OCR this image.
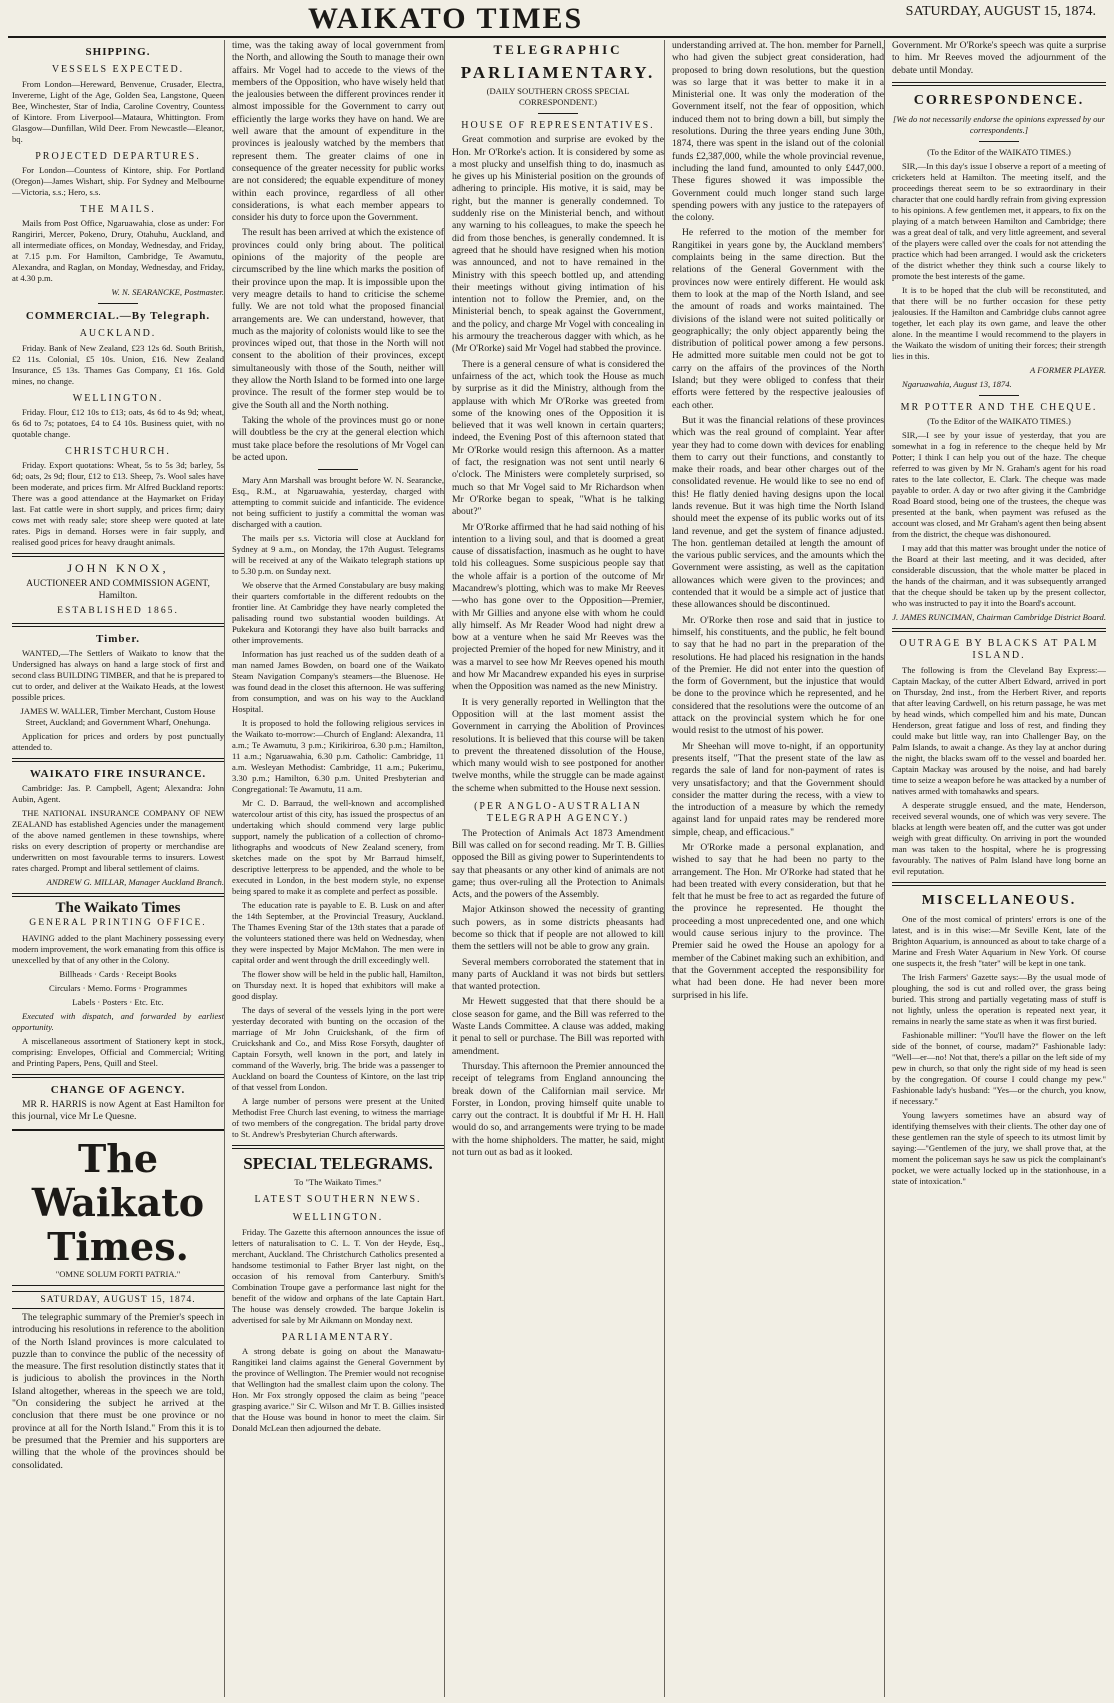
WAIKATO TIMES	SATURDAY, AUGUST 15, 1874.
SHIPPING.
VESSELS EXPECTED.

From London—Hereward, Benvenue, Crusader, Electra, Invererne, Light of the Age, Golden Sea, Langstone, Queen Bee, Winchester, Star of India, Caroline Coventry, Countess of Kintore. From Liverpool—Mataura, Whittington. From Glasgow—Dunfillan, Wild Deer. From Newcastle—Eleanor, bq.

PROJECTED DEPARTURES.

For London—Countess of Kintore, ship. For Portland (Oregon)—James Wishart, ship. For Sydney and Melbourne—Victoria, s.s.; Hero, s.s.

THE MAILS.

Mails from Post Office, Ngaruawahia, close as under: For Rangiriri, Mercer, Pokeno, Drury, Otahuhu, Auckland, and all intermediate offices, on Monday, Wednesday, and Friday, at 7.15 p.m. For Hamilton, Cambridge, Te Awamutu, Alexandra, and Raglan, on Monday, Wednesday, and Friday, at 4.30 p.m.

W. N. SEARANCKE, Postmaster.

COMMERCIAL.—By Telegraph.
AUCKLAND.

Friday. Bank of New Zealand, £23 12s 6d. South British, £2 11s. Colonial, £5 10s. Union, £16. New Zealand Insurance, £5 13s. Thames Gas Company, £1 16s. Gold mines, no change.

WELLINGTON.

Friday. Flour, £12 10s to £13; oats, 4s 6d to 4s 9d; wheat, 6s 6d to 7s; potatoes, £4 to £4 10s. Business quiet, with no quotable change.

CHRISTCHURCH.

Friday. Export quotations: Wheat, 5s to 5s 3d; barley, 5s 6d; oats, 2s 9d; flour, £12 to £13. Sheep, 7s. Wool sales have been moderate, and prices firm. Mr Alfred Buckland reports: There was a good attendance at the Haymarket on Friday last. Fat cattle were in short supply, and prices firm; dairy cows met with ready sale; store sheep were quoted at late rates. Pigs in demand. Horses were in fair supply, and realised good prices for heavy draught animals.

JOHN KNOX,

AUCTIONEER AND COMMISSION AGENT, Hamilton.

ESTABLISHED 1865.

Timber.

WANTED,—The Settlers of Waikato to know that the Undersigned has always on hand a large stock of first and second class BUILDING TIMBER, and that he is prepared to cut to order, and deliver at the Waikato Heads, at the lowest possible prices.

JAMES W. WALLER, Timber Merchant, Custom House Street, Auckland; and Government Wharf, Onehunga.

Application for prices and orders by post punctually attended to.

WAIKATO FIRE INSURANCE.

Cambridge: Jas. P. Campbell, Agent; Alexandra: John Aubin, Agent.

THE NATIONAL INSURANCE COMPANY OF NEW ZEALAND has established Agencies under the management of the above named gentlemen in these townships, where risks on every description of property or merchandise are underwritten on most favourable terms to insurers. Lowest rates charged. Prompt and liberal settlement of claims.

ANDREW G. MILLAR, Manager Auckland Branch.

The Waikato Times

GENERAL PRINTING OFFICE.

HAVING added to the plant Machinery possessing every modern improvement, the work emanating from this office is unexcelled by that of any other in the Colony.

Billheads · Cards · Receipt Books

Circulars · Memo. Forms · Programmes

Labels · Posters · Etc. Etc.

Executed with dispatch, and forwarded by earliest opportunity.

A miscellaneous assortment of Stationery kept in stock, comprising: Envelopes, Official and Commercial; Writing and Printing Papers, Pens, Quill and Steel.

CHANGE OF AGENCY.

MR R. HARRIS is now Agent at East Hamilton for this journal, vice Mr Le Quesne.

The Waikato Times.

"OMNE SOLUM FORTI PATRIA."

SATURDAY, AUGUST 15, 1874.

The telegraphic summary of the Premier's speech in introducing his resolutions in reference to the abolition of the North Island provinces is more calculated to puzzle than to convince the public of the necessity of the measure. The first resolution distinctly states that it is judicious to abolish the provinces in the North Island altogether, whereas in the speech we are told, "On considering the subject he arrived at the conclusion that there must be one province or no province at all for the North Island." From this it is to be presumed that the Premier and his supporters are willing that the whole of the provinces should be consolidated.

time, was the taking away of local government from the North, and allowing the South to manage their own affairs. Mr Vogel had to accede to the views of the members of the Opposition, who have wisely held that the jealousies between the different provinces render it almost impossible for the Government to carry out efficiently the large works they have on hand. We are well aware that the amount of expenditure in the provinces is jealously watched by the members that represent them. The greater claims of one in consequence of the greater necessity for public works are not considered; the equable expenditure of money within each province, regardless of all other considerations, is what each member appears to consider his duty to force upon the Government.

The result has been arrived at which the existence of provinces could only bring about. The political opinions of the majority of the people are circumscribed by the line which marks the position of their province upon the map. It is impossible upon the very meagre details to hand to criticise the scheme fully. We are not told what the proposed financial arrangements are. We can understand, however, that much as the majority of colonists would like to see the provinces wiped out, that those in the North will not consent to the abolition of their provinces, except simultaneously with those of the South, neither will they allow the North Island to be formed into one large province. The result of the former step would be to give the South all and the North nothing.

Taking the whole of the provinces must go or none will doubtless be the cry at the general election which must take place before the resolutions of Mr Vogel can be acted upon.

Mary Ann Marshall was brought before W. N. Searancke, Esq., R.M., at Ngaruawahia, yesterday, charged with attempting to commit suicide and infanticide. The evidence not being sufficient to justify a committal the woman was discharged with a caution.

The mails per s.s. Victoria will close at Auckland for Sydney at 9 a.m., on Monday, the 17th August. Telegrams will be received at any of the Waikato telegraph stations up to 5.30 p.m. on Sunday next.

We observe that the Armed Constabulary are busy making their quarters comfortable in the different redoubts on the frontier line. At Cambridge they have nearly completed the palisading round two substantial wooden buildings. At Pukekura and Kotorangi they have also built barracks and other improvements.

Information has just reached us of the sudden death of a man named James Bowden, on board one of the Waikato Steam Navigation Company's steamers—the Bluenose. He was found dead in the closet this afternoon. He was suffering from consumption, and was on his way to the Auckland Hospital.

It is proposed to hold the following religious services in the Waikato to-morrow:—Church of England: Alexandra, 11 a.m.; Te Awamutu, 3 p.m.; Kirikiriroa, 6.30 p.m.; Hamilton, 11 a.m.; Ngaruawahia, 6.30 p.m. Catholic: Cambridge, 11 a.m. Wesleyan Methodist: Cambridge, 11 a.m.; Pukerimu, 3.30 p.m.; Hamilton, 6.30 p.m. United Presbyterian and Congregational: Te Awamutu, 11 a.m.

Mr C. D. Barraud, the well-known and accomplished watercolour artist of this city, has issued the prospectus of an undertaking which should commend very large public support, namely the publication of a collection of chromo-lithographs and woodcuts of New Zealand scenery, from sketches made on the spot by Mr Barraud himself, descriptive letterpress to be appended, and the whole to be executed in London, in the best modern style, no expense being spared to make it as complete and perfect as possible.

The education rate is payable to E. B. Lusk on and after the 14th September, at the Provincial Treasury, Auckland. The Thames Evening Star of the 13th states that a parade of the volunteers stationed there was held on Wednesday, when they were inspected by Major McMahon. The men were in capital order and went through the drill exceedingly well.

The flower show will be held in the public hall, Hamilton, on Thursday next. It is hoped that exhibitors will make a good display.

The days of several of the vessels lying in the port were yesterday decorated with bunting on the occasion of the marriage of Mr John Cruickshank, of the firm of Cruickshank and Co., and Miss Rose Forsyth, daughter of Captain Forsyth, well known in the port, and lately in command of the Waverly, brig. The bride was a passenger to Auckland on board the Countess of Kintore, on the last trip of that vessel from London.

A large number of persons were present at the United Methodist Free Church last evening, to witness the marriage of two members of the congregation. The bridal party drove to St. Andrew's Presbyterian Church afterwards.

SPECIAL TELEGRAMS.

To "The Waikato Times."

LATEST SOUTHERN NEWS.
WELLINGTON.

Friday. The Gazette this afternoon announces the issue of letters of naturalisation to C. L. T. Von der Heyde, Esq., merchant, Auckland. The Christchurch Catholics presented a handsome testimonial to Father Bryer last night, on the occasion of his removal from Canterbury. Smith's Combination Troupe gave a performance last night for the benefit of the widow and orphans of the late Captain Hart. The house was densely crowded. The barque Jokelin is advertised for sale by Mr Aikmann on Monday next.

PARLIAMENTARY.

A strong debate is going on about the Manawatu-Rangitikei land claims against the General Government by the province of Wellington. The Premier would not recognise that Wellington had the smallest claim upon the colony. The Hon. Mr Fox strongly opposed the claim as being "peace grasping avarice." Sir C. Wilson and Mr T. B. Gillies insisted that the House was bound in honor to meet the claim. Sir Donald McLean then adjourned the debate.

TELEGRAPHIC

PARLIAMENTARY.

(DAILY SOUTHERN CROSS SPECIAL CORRESPONDENT.)

HOUSE OF REPRESENTATIVES.

Great commotion and surprise are evoked by the Hon. Mr O'Rorke's action. It is considered by some as a most plucky and unselfish thing to do, inasmuch as he gives up his Ministerial position on the grounds of adhering to principle. His motive, it is said, may be right, but the manner is generally condemned. To suddenly rise on the Ministerial bench, and without any warning to his colleagues, to make the speech he did from those benches, is generally condemned. It is agreed that he should have resigned when his motion was announced, and not to have remained in the Ministry with this speech bottled up, and attending their meetings without giving intimation of his intention not to follow the Premier, and, on the Ministerial bench, to speak against the Government, and the policy, and charge Mr Vogel with concealing in his armoury the treacherous dagger with which, as he (Mr O'Rorke) said Mr Vogel had stabbed the province.

There is a general censure of what is considered the unfairness of the act, which took the House as much by surprise as it did the Ministry, although from the applause with which Mr O'Rorke was greeted from some of the knowing ones of the Opposition it is believed that it was well known in certain quarters; indeed, the Evening Post of this afternoon stated that Mr O'Rorke would resign this afternoon. As a matter of fact, the resignation was not sent until nearly 6 o'clock. The Ministers were completely surprised, so much so that Mr Vogel said to Mr Richardson when Mr O'Rorke began to speak, "What is he talking about?"

Mr O'Rorke affirmed that he had said nothing of his intention to a living soul, and that is doomed a great cause of dissatisfaction, inasmuch as he ought to have told his colleagues. Some suspicious people say that the whole affair is a portion of the outcome of Mr Macandrew's plotting, which was to make Mr Reeves—who has gone over to the Opposition—Premier, with Mr Gillies and anyone else with whom he could ally himself. As Mr Reader Wood had night drew a bow at a venture when he said Mr Reeves was the projected Premier of the hoped for new Ministry, and it was a marvel to see how Mr Reeves opened his mouth and how Mr Macandrew expanded his eyes in surprise when the Opposition was named as the new Ministry.

It is very generally reported in Wellington that the Opposition will at the last moment assist the Government in carrying the Abolition of Provinces resolutions. It is believed that this course will be taken to prevent the threatened dissolution of the House, which many would wish to see postponed for another twelve months, while the struggle can be made against the scheme when submitted to the House next session.

(PER ANGLO-AUSTRALIAN TELEGRAPH AGENCY.)

The Protection of Animals Act 1873 Amendment Bill was called on for second reading. Mr T. B. Gillies opposed the Bill as giving power to Superintendents to say that pheasants or any other kind of animals are not game; thus over-ruling all the Protection to Animals Acts, and the powers of the Assembly.

Major Atkinson showed the necessity of granting such powers, as in some districts pheasants had become so thick that if people are not allowed to kill them the settlers will not be able to grow any grain.

Several members corroborated the statement that in many parts of Auckland it was not birds but settlers that wanted protection.

Mr Hewett suggested that that there should be a close season for game, and the Bill was referred to the Waste Lands Committee. A clause was added, making it penal to sell or purchase. The Bill was reported with amendment.

Thursday. This afternoon the Premier announced the receipt of telegrams from England announcing the break down of the Californian mail service. Mr Forster, in London, proving himself quite unable to carry out the contract. It is doubtful if Mr H. H. Hall would do so, and arrangements were trying to be made with the home shipholders. The matter, he said, might not turn out as bad as it looked.

understanding arrived at. The hon. member for Parnell, who had given the subject great consideration, had proposed to bring down resolutions, but the question was so large that it was better to make it in a Ministerial one. It was only the moderation of the Government itself, not the fear of opposition, which induced them not to bring down a bill, but simply the resolutions. During the three years ending June 30th, 1874, there was spent in the island out of the colonial funds £2,387,000, while the whole provincial revenue, including the land fund, amounted to only £447,000. These figures showed it was impossible the Government could much longer stand such large spending powers with any justice to the ratepayers of the colony.

He referred to the motion of the member for Rangitikei in years gone by, the Auckland members' complaints being in the same direction. But the relations of the General Government with the provinces now were entirely different. He would ask them to look at the map of the North Island, and see the amount of roads and works maintained. The divisions of the island were not suited politically or geographically; the only object apparently being the distribution of political power among a few persons. He admitted more suitable men could not be got to carry on the affairs of the provinces of the North Island; but they were obliged to confess that their efforts were fettered by the respective jealousies of each other.

But it was the financial relations of these provinces which was the real ground of complaint. Year after year they had to come down with devices for enabling them to carry out their functions, and constantly to make their roads, and bear other charges out of the consolidated revenue. He would like to see no end of this! He flatly denied having designs upon the local lands revenue. But it was high time the North Island should meet the expense of its public works out of its land revenue, and get the system of finance adjusted. The hon. gentleman detailed at length the amount of the various public services, and the amounts which the Government were assisting, as well as the capitation allowances which were given to the provinces; and contended that it would be a simple act of justice that these allowances should be discontinued.

Mr. O'Rorke then rose and said that in justice to himself, his constituents, and the public, he felt bound to say that he had no part in the preparation of the resolutions. He had placed his resignation in the hands of the Premier. He did not enter into the question of the form of Government, but the injustice that would be done to the province which he represented, and he considered that the resolutions were the outcome of an attack on the provincial system which he for one would resist to the utmost of his power.

Mr Sheehan will move to-night, if an opportunity presents itself, "That the present state of the law as regards the sale of land for non-payment of rates is very unsatisfactory; and that the Government should consider the matter during the recess, with a view to the introduction of a measure by which the remedy against land for unpaid rates may be rendered more simple, cheap, and efficacious."

Mr O'Rorke made a personal explanation, and wished to say that he had been no party to the arrangement. The Hon. Mr O'Rorke had stated that he had been treated with every consideration, but that he felt that he must be free to act as regarded the future of the province he represented. He thought the proceeding a most unprecedented one, and one which would cause serious injury to the province. The Premier said he owed the House an apology for a member of the Cabinet making such an exhibition, and that the Government accepted the responsibility for what had been done. He had never been more surprised in his life.

Government. Mr O'Rorke's speech was quite a surprise to him. Mr Reeves moved the adjournment of the debate until Monday.

CORRESPONDENCE.

[We do not necessarily endorse the opinions expressed by our correspondents.]

(To the Editor of the WAIKATO TIMES.)

SIR,—In this day's issue I observe a report of a meeting of cricketers held at Hamilton. The meeting itself, and the proceedings thereat seem to be so extraordinary in their character that one could hardly refrain from giving expression to his opinions. A few gentlemen met, it appears, to fix on the playing of a match between Hamilton and Cambridge; there was a great deal of talk, and very little agreement, and several of the players were called over the coals for not attending the practice which had been arranged. I would ask the cricketers of the district whether they think such a course likely to promote the best interests of the game.

It is to be hoped that the club will be reconstituted, and that there will be no further occasion for these petty jealousies. If the Hamilton and Cambridge clubs cannot agree together, let each play its own game, and leave the other alone. In the meantime I would recommend to the players in the Waikato the wisdom of uniting their forces; their strength lies in this.

A FORMER PLAYER.

Ngaruawahia, August 13, 1874.

MR POTTER AND THE CHEQUE.

(To the Editor of the WAIKATO TIMES.)

SIR,—I see by your issue of yesterday, that you are somewhat in a fog in reference to the cheque held by Mr Potter; I think I can help you out of the haze. The cheque referred to was given by Mr N. Graham's agent for his road rates to the late collector, E. Clark. The cheque was made payable to order. A day or two after giving it the Cambridge Road Board stood, being one of the trustees, the cheque was presented at the bank, when payment was refused as the account was closed, and Mr Graham's agent then being absent from the district, the cheque was dishonoured.

I may add that this matter was brought under the notice of the Board at their last meeting, and it was decided, after considerable discussion, that the whole matter be placed in the hands of the chairman, and it was subsequently arranged that the cheque should be taken up by the present collector, who was instructed to pay it into the Board's account.

J. JAMES RUNCIMAN, Chairman Cambridge District Board.

OUTRAGE BY BLACKS AT PALM ISLAND.

The following is from the Cleveland Bay Express:—Captain Mackay, of the cutter Albert Edward, arrived in port on Thursday, 2nd inst., from the Herbert River, and reports that after leaving Cardwell, on his return passage, he was met by head winds, which compelled him and his mate, Duncan Henderson, great fatigue and loss of rest, and finding they could make but little way, ran into Challenger Bay, on the Palm Islands, to await a change. As they lay at anchor during the night, the blacks swam off to the vessel and boarded her. Captain Mackay was aroused by the noise, and had barely time to seize a weapon before he was attacked by a number of natives armed with tomahawks and spears.

A desperate struggle ensued, and the mate, Henderson, received several wounds, one of which was very severe. The blacks at length were beaten off, and the cutter was got under weigh with great difficulty. On arriving in port the wounded man was taken to the hospital, where he is progressing favourably. The natives of Palm Island have long borne an evil reputation.

MISCELLANEOUS.

One of the most comical of printers' errors is one of the latest, and is in this wise:—Mr Seville Kent, late of the Brighton Aquarium, is announced as about to take charge of a Marine and Fresh Water Aquarium in New York. Of course one suspects it, the fresh "tater" will be kept in one tank.

The Irish Farmers' Gazette says:—By the usual mode of ploughing, the sod is cut and rolled over, the grass being buried. This strong and partially vegetating mass of stuff is not lightly, unless the operation is repeated next year, it remains in nearly the same state as when it was first buried.

Fashionable milliner: "You'll have the flower on the left side of the bonnet, of course, madam?" Fashionable lady: "Well—er—no! Not that, there's a pillar on the left side of my pew in church, so that only the right side of my head is seen by the congregation. Of course I could change my pew." Fashionable lady's husband: "Yes—or the church, you know, if necessary."

Young lawyers sometimes have an absurd way of identifying themselves with their clients. The other day one of these gentlemen ran the style of speech to its utmost limit by saying:—"Gentlemen of the jury, we shall prove that, at the moment the policeman says he saw us pick the complainant's pocket, we were actually locked up in the stationhouse, in a state of intoxication."
